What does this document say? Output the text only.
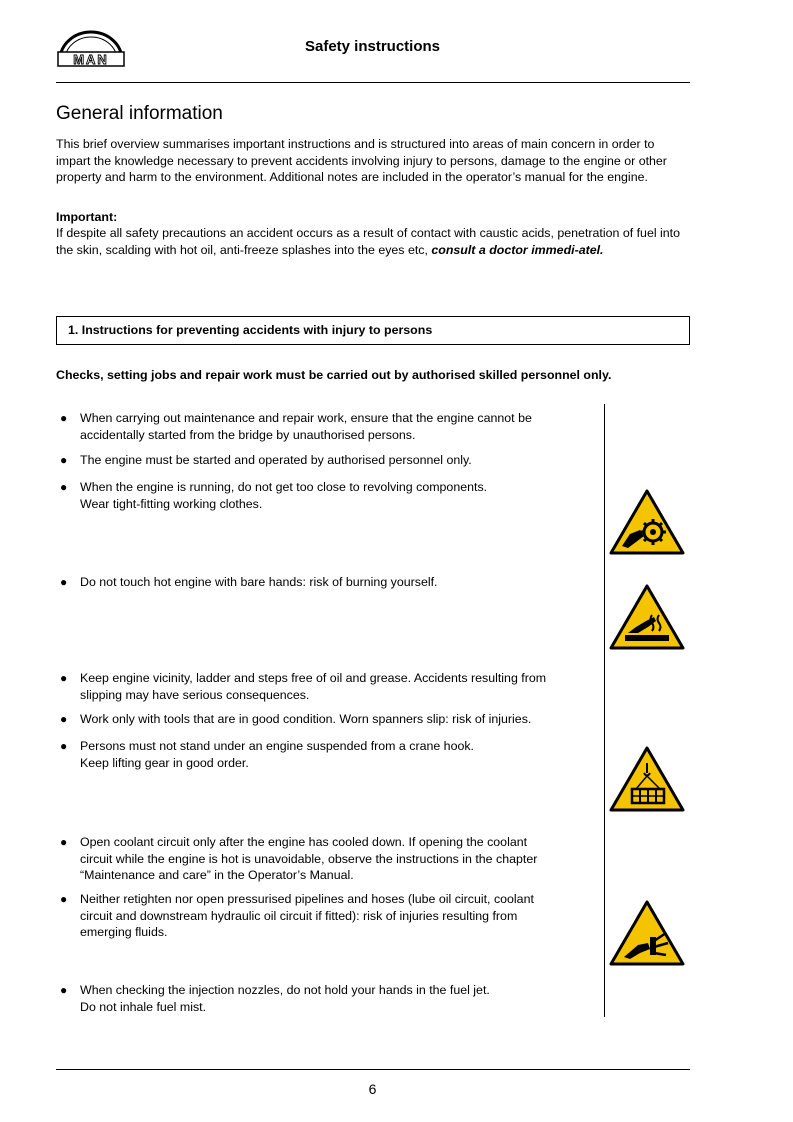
MAN
Safety instructions
General information
This brief overview summarises important instructions and is structured into areas of main concern in order to impart the knowledge necessary to prevent accidents involving injury to persons, damage to the engine or other property and harm to the environment. Additional notes are included in the operator’s manual for the engine.
Important:
If despite all safety precautions an accident occurs as a result of contact with caustic acids, penetration of fuel into the skin, scalding with hot oil, anti-freeze splashes into the eyes etc, consult a doctor immedi-atel.
1. Instructions for preventing accidents with injury to persons
Checks, setting jobs and repair work must be carried out by authorised skilled personnel only.
● When carrying out maintenance and repair work, ensure that the engine cannot be
accidentally started from the bridge by unauthorised persons.
● The engine must be started and operated by authorised personnel only.
● When the engine is running, do not get too close to revolving components.
Wear tight-fitting working clothes.
● Do not touch hot engine with bare hands: risk of burning yourself.
● Keep engine vicinity, ladder and steps free of oil and grease. Accidents resulting from
slipping may have serious consequences.
● Work only with tools that are in good condition. Worn spanners slip: risk of injuries.
● Persons must not stand under an engine suspended from a crane hook.
Keep lifting gear in good order.
● Open coolant circuit only after the engine has cooled down. If opening the coolant
circuit while the engine is hot is unavoidable, observe the instructions in the chapter
“Maintenance and care” in the Operator’s Manual.
● Neither retighten nor open pressurised pipelines and hoses (lube oil circuit, coolant
circuit and downstream hydraulic oil circuit if fitted): risk of injuries resulting from
emerging fluids.
● When checking the injection nozzles, do not hold your hands in the fuel jet.
Do not inhale fuel mist.
6
